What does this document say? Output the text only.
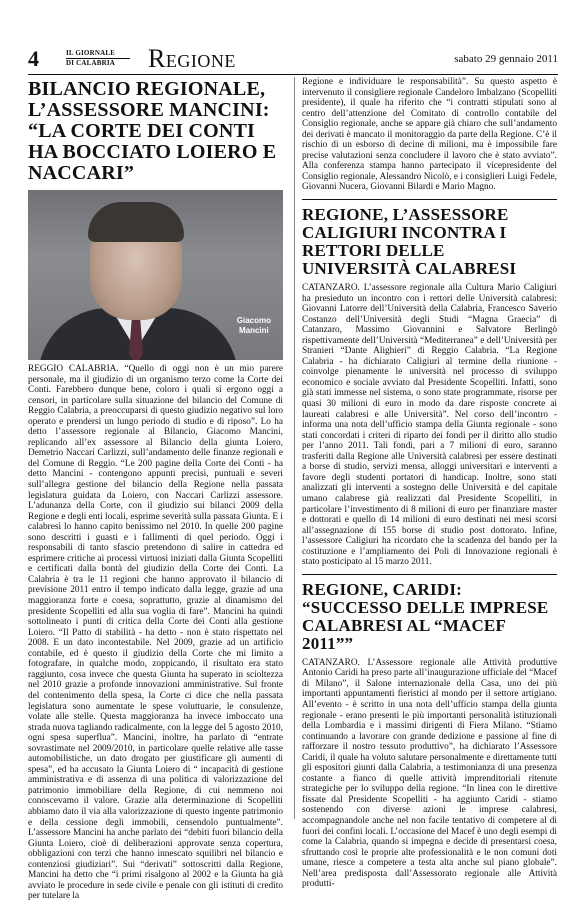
4	IL GIORNALE
DI CALABRIA	Regione	sabato 29 gennaio 2011
BILANCIO REGIONALE, L’ASSESSORE MANCINI: “LA CORTE DEI CONTI HA BOCCIATO LOIERO E NACCARI”
Giacomo
Mancini

REGGIO CALABRIA. “Quello di oggi non è un mio parere personale, ma il giudizio di un organismo terzo come la Corte dei Conti. Farebbero dunque bene, coloro i quali si ergono oggi a censori, in particolare sulla situazione del bilancio del Comune di Reggio Calabria, a preoccuparsi di questo giudizio negativo sul loro operato e prendersi un lungo periodo di studio e di riposo”. Lo ha detto l’assessore regionale al Bilancio, Giacomo Mancini, replicando all’ex assessore al Bilancio della giunta Loiero, Demetrio Naccari Carlizzi, sull’andamento delle finanze regionali e del Comune di Reggio. “Le 200 pagine della Corte dei Conti - ha detto Mancini - contengono appunti precisi, puntuali e severi sull’allegra gestione del bilancio della Regione nella passata legislatura guidata da Loiero, con Naccari Carlizzi assessore. L’adunanza della Corte, con il giudizio sui bilanci 2009 della Regione e degli enti locali, esprime severità sulla passata Giunta. E i calabresi lo hanno capito benissimo nel 2010. In quelle 200 pagine sono descritti i guasti e i fallimenti di quel periodo. Oggi i responsabili di tanto sfascio pretendono di salire in cattedra ed esprimere critiche ai processi virtuosi iniziati dalla Giunta Scopelliti e certificati dalla bontà del giudizio della Corte dei Conti. La Calabria è tra le 11 regioni che hanno approvato il bilancio di previsione 2011 entro il tempo indicato dalla legge, grazie ad una maggioranza forte e coesa, soprattutto, grazie al dinamismo del presidente Scopelliti ed alla sua voglia di fare”. Mancini ha quindi sottolineato i punti di critica della Corte dei Conti alla gestione Loiero. “Il Patto di stabilità - ha detto - non è stato rispettato nel 2008. E un dato incontestabile. Nel 2009, grazie ad un artificio contabile, ed è questo il giudizio della Corte che mi limito a fotografare, in qualche modo, zoppicando, il risultato era stato raggiunto, cosa invece che questa Giunta ha superato in scioltezza nel 2010 grazie a profonde innovazioni amministrative. Sul fronte del contenimento della spesa, la Corte ci dice che nella passata legislatura sono aumentate le spese voluttuarie, le consulenze, volate alle stelle. Questa maggioranza ha invece imboccato una strada nuova tagliando radicalmente, con la legge del 5 agosto 2010, ogni spesa superflua”. Mancini, inoltre, ha parlato di “entrate sovrastimate nel 2009/2010, in particolare quelle relative alle tasse automobilistiche, un dato drogato per giustificare gli aumenti di spesa”, ed ha accusato la Giunta Loiero di “ incapacità di gestione amministrativa e di assenza di una politica di valorizzazione del patrimonio immobiliare della Regione, di cui nemmeno noi conoscevamo il valore. Grazie alla determinazione di Scopelliti abbiamo dato il via alla valorizzazione di questo ingente patrimonio e della cessione degli immobili, censendolo puntualmente”. L’assessore Mancini ha anche parlato dei “debiti fuori bilancio della Giunta Loiero, cioè di deliberazioni approvate senza copertura, obbligazioni con terzi che hanno innescato squilibri nel bilancio e contenziosi giudiziari”. Sui “derivati” sottoscritti dalla Regione, Mancini ha detto che “i primi risalgono al 2002 e la Giunta ha già avviato le procedure in sede civile e penale con gli istituti di credito per tutelare la

Regione e individuare le responsabilità”. Su questo aspetto è intervenuto il consigliere regionale Candeloro Imbalzano (Scopelliti presidente), il quale ha riferito che “i contratti stipulati sono al centro dell’attenzione del Comitato di controllo contabile del Consiglio regionale, anche se appare già chiaro che sull’andamento dei derivati è mancato il monitoraggio da parte della Regione. C’è il rischio di un esborso di decine di milioni, ma è impossibile fare precise valutazioni senza concludere il lavoro che è stato avviato”. Alla conferenza stampa hanno partecipato il vicepresidente del Consiglio regionale, Alessandro Nicolò, e i consiglieri Luigi Fedele, Giovanni Nucera, Giovanni Bilardi e Mario Magno.

REGIONE, L’ASSESSORE CALIGIURI INCONTRA I RETTORI DELLE UNIVERSITÀ CALABRESI

CATANZARO. L’assessore regionale alla Cultura Mario Caligiuri ha presieduto un incontro con i rettori delle Università calabresi: Giovanni Latorre dell’Università della Calabria, Francesco Saverio Costanzo dell’Università degli Studi “Magna Graecia” di Catanzaro, Massimo Giovannini e Salvatore Berlingò rispettivamente dell’Università “Mediterranea” e dell’Università per Stranieri “Dante Alighieri” di Reggio Calabria. “La Regione Calabria - ha dichiarato Caligiuri al termine della riunione - coinvolge pienamente le università nel processo di sviluppo economico e sociale avviato dal Presidente Scopelliti. Infatti, sono già stati immesse nel sistema, o sono state programmate, risorse per quasi 30 milioni di euro in modo da dare risposte concrete ai laureati calabresi e alle Università”. Nel corso dell’incontro - informa una nota dell’ufficio stampa della Giunta regionale - sono stati concordati i criteri di riparto dei fondi per il diritto allo studio per l’anno 2011. Tali fondi, pari a 7 milioni di euro, saranno trasferiti dalla Regione alle Università calabresi per essere destinati a borse di studio, servizi mensa, alloggi universitari e interventi a favore degli studenti portatori di handicap. Inoltre, sono stati analizzati gli interventi a sostegno delle Università e del capitale umano calabrese già realizzati dal Presidente Scopelliti, in particolare l’investimento di 8 milioni di euro per finanziare master e dottorati e quello di 14 milioni di euro destinati nei mesi scorsi all’assegnazione di 155 borse di studio post dottorato. Infine, l’assessore Caligiuri ha ricordato che la scadenza del bando per la costituzione e l’ampliamento dei Poli di Innovazione regionali è stato posticipato al 15 marzo 2011.

REGIONE, CARIDI: “SUCCESSO DELLE IMPRESE CALABRESI AL “MACEF 2011””

CATANZARO. L’Assessore regionale alle Attività produttive Antonio Caridi ha preso parte all’inaugurazione ufficiale del “Macef di Milano”, il Salone internazionale della Casa, uno dei più importanti appuntamenti fieristici al mondo per il settore artigiano. All’evento - è scritto in una nota dell’ufficio stampa della giunta regionale - erano presenti le più importanti personalità istituzionali della Lombardia e i massimi dirigenti di Fiera Milano. “Stiamo continuando a lavorare con grande dedizione e passione al fine di rafforzare il nostro tessuto produttivo”, ha dichiarato l’Assessore Caridi, il quale ha voluto salutare personalmente e direttamente tutti gli espositori giunti dalla Calabria, a testimonianza di una presenza costante a fianco di quelle attività imprenditoriali ritenute strategiche per lo sviluppo della regione. “In linea con le direttive fissate dal Presidente Scopelliti - ha aggiunto Caridi - stiamo sostenendo con diverse azioni le imprese calabresi, accompagnandole anche nel non facile tentativo di competere al di fuori dei confini locali. L’occasione del Macef è uno degli esempi di come la Calabria, quando si impegna e decide di presentarsi coesa, sfruttando così le proprie alte professionalità e le non comuni doti umane, riesce a competere a testa alta anche sul piano globale”. Nell’area predisposta dall’Assessorato regionale alle Attività produtti-
